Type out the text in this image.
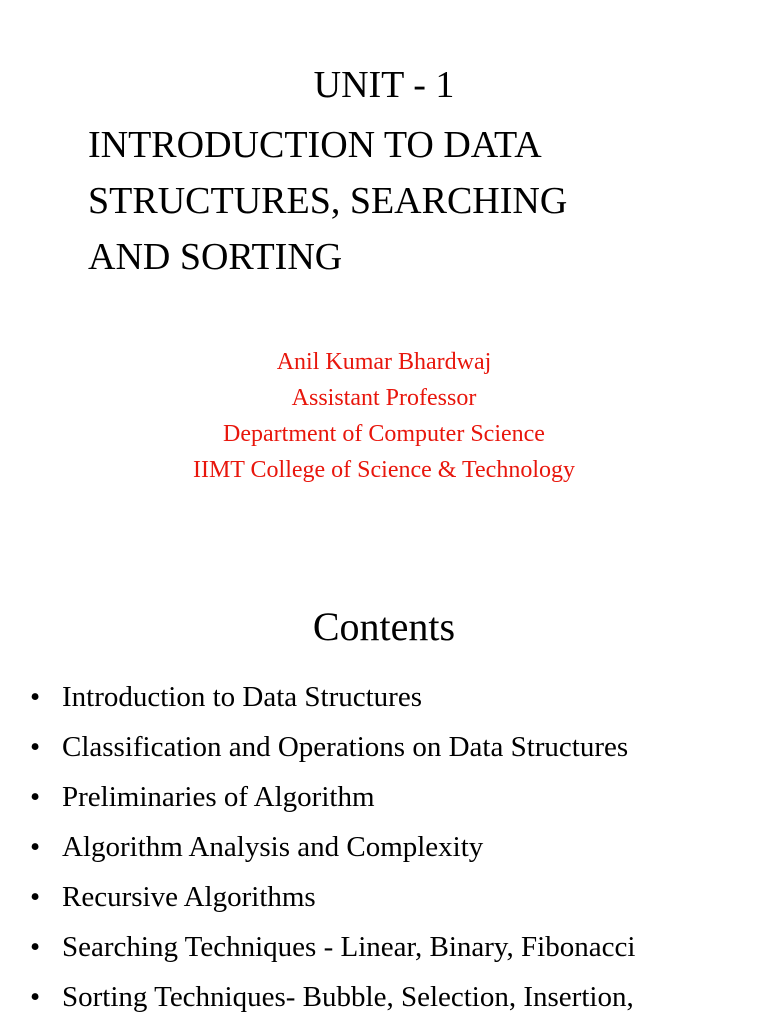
UNIT - 1
INTRODUCTION TO DATA
STRUCTURES, SEARCHING
AND SORTING
Anil Kumar Bhardwaj
Assistant Professor
Department of Computer Science
IIMT College of Science & Technology
Contents
• Introduction to Data Structures
• Classification and Operations on Data Structures
• Preliminaries of Algorithm
• Algorithm Analysis and Complexity
• Recursive Algorithms
• Searching Techniques - Linear, Binary, Fibonacci
• Sorting Techniques- Bubble, Selection, Insertion,
